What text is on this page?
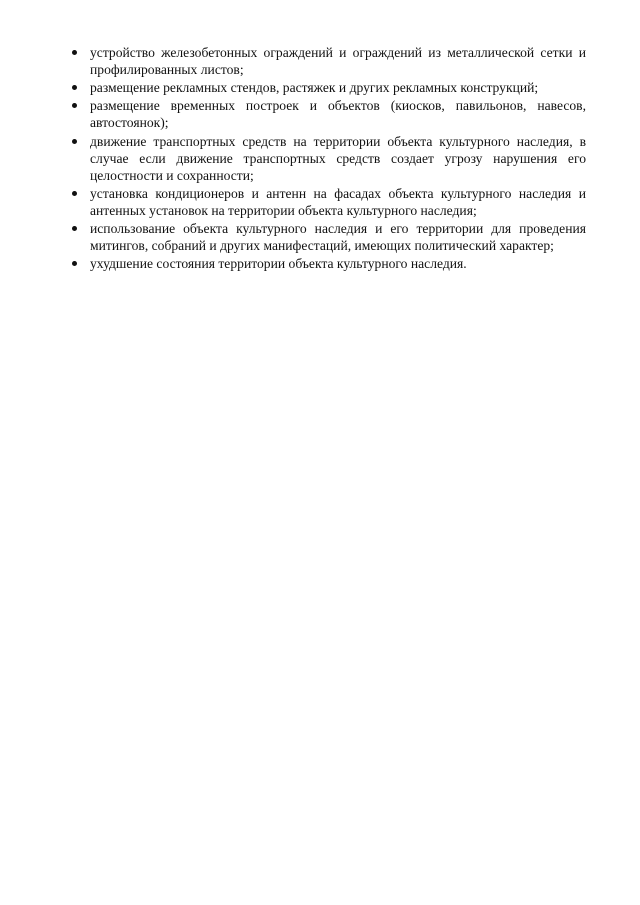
устройство железобетонных ограждений и ограждений из металлической сетки и профилированных листов;
размещение рекламных стендов, растяжек и других рекламных конструкций;
размещение временных построек и объектов (киосков, павильонов, навесов, автостоянок);
движение транспортных средств на территории объекта культурного наследия, в случае если движение транспортных средств создает угрозу нарушения его целостности и сохранности;
установка кондиционеров и антенн на фасадах объекта культурного наследия и антенных установок на территории объекта культурного наследия;
использование объекта культурного наследия и его территории для проведения митингов, собраний и других манифестаций, имеющих политический характер;
ухудшение состояния территории объекта культурного наследия.
